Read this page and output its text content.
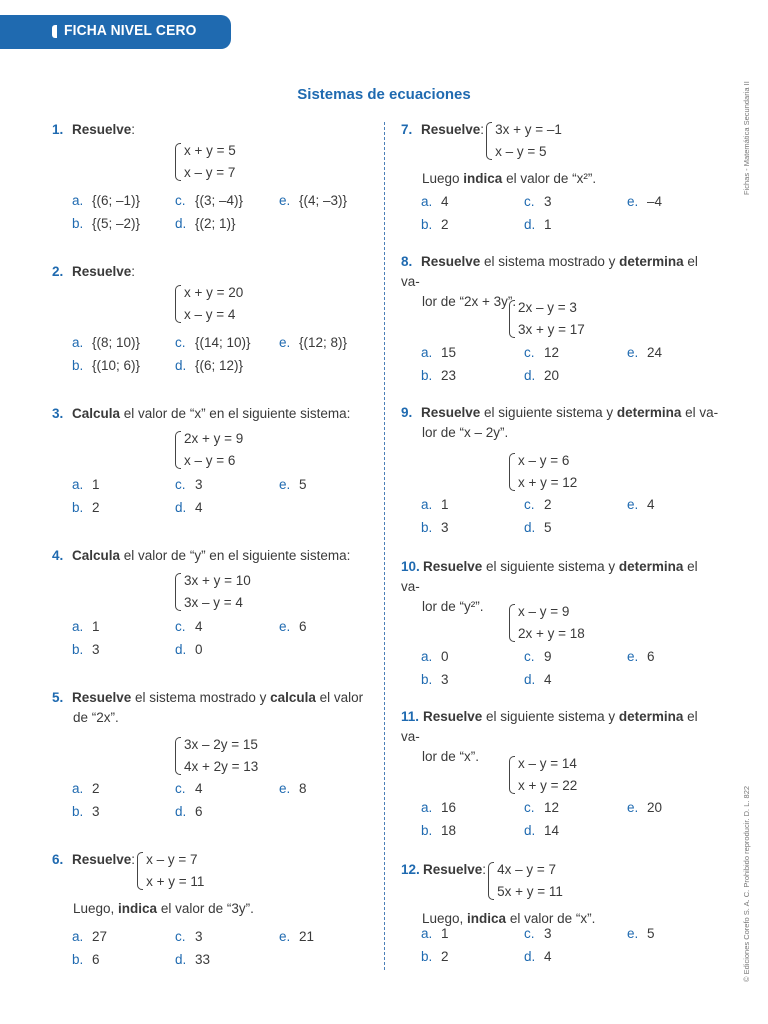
FICHA NIVEL CERO
Sistemas de ecuaciones	Fichas - Matemática Secundaria II
© Ediciones Corefo S. A. C. Prohibido reproducir. D. L. 822
1. Resuelve:
x + y = 5
x – y = 7
a. {(6; –1)}	c. {(3; –4)}	e. {(4; –3)}
b. {(5; –2)}	d. {(2; 1)}
2. Resuelve:
x + y = 20
x – y = 4
a. {(8; 10)}	c. {(14; 10)} e. {(12; 8)}
b. {(10; 6)}	d. {(6; 12)}
3. Calcula el valor de “x” en el siguiente sistema:
2x + y = 9
x – y = 6
a. 1	c. 3	e. 5
b. 2	d. 4
4. Calcula el valor de “y” en el siguiente sistema:
3x + y = 10
3x – y = 4
a. 1	c. 4	e. 6
b. 3	d. 0
5. Resuelve el sistema mostrado y calcula el valor
de “2x”.
3x – 2y = 15
4x + 2y = 13
a. 2	c. 4	e. 8
b. 3	d. 6
6. Resuelve: x – y = 7
x + y = 11
Luego, indica el valor de “3y”.
a. 27	c. 3	e. 21
b. 6	d. 33
7. Resuelve: 3x + y = –1
x – y = 5
Luego indica el valor de “x²”.
a. 4	c. 3	e. –4
b. 2	d. 1
8. Resuelve el sistema mostrado y determina el va-
lor de “2x + 3y”. 2x – y = 3
3x + y = 17
a. 15	c. 12	e. 24
b. 23	d. 20
9. Resuelve el siguiente sistema y determina el va-
lor de “x – 2y”.
x – y = 6
x + y = 12
a. 1	c. 2	e. 4
b. 3	d. 5
10. Resuelve el siguiente sistema y determina el va-
lor de “y²”.	x – y = 9
2x + y = 18
a. 0	c. 9	e. 6
b. 3	d. 4
11. Resuelve el siguiente sistema y determina el va-
lor de “x”.	x – y = 14
x + y = 22
a. 16	c. 12	e. 20
b. 18	d. 14
12. Resuelve: 4x – y = 7
5x + y = 11
Luego, indica el valor de “x”.
a. 1	c. 3	e. 5
b. 2	d. 4
